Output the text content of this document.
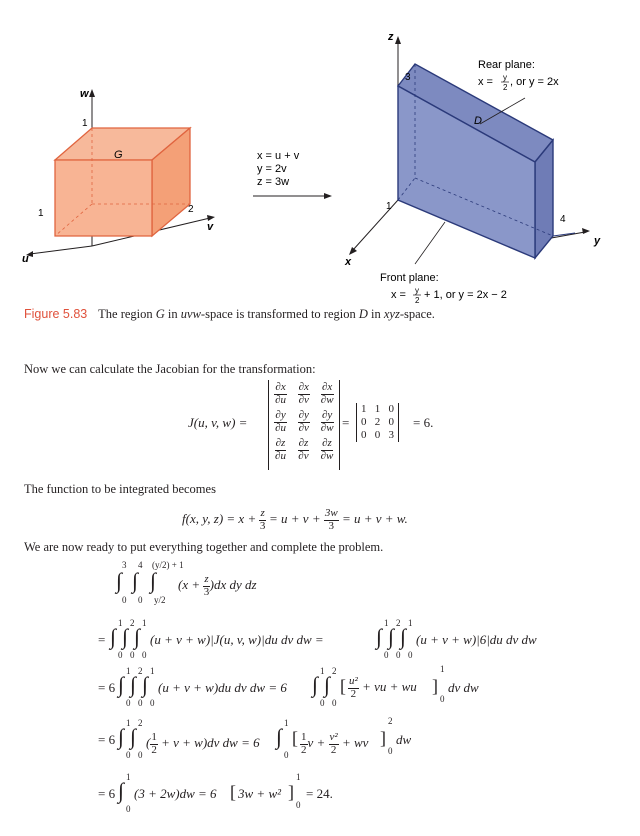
w
u
v
1
1	2
G	x = u + v
y = 2v
z = 3w
z
x
y
3
1
4
D
Rear plane:
x = y
2 , or y = 2x
Front plane:
x = y
2 + 1, or y = 2x − 2
Figure 5.83 The region G in uvw-space is transformed to region D in xyz-space.
Now we can calculate the Jacobian for the transformation:
J(u, v, w) =
$\frac{\partial x}{\partial u} \frac{\partial x}{\partial v} \frac{\partial x}{\partial w}$
$\frac{\partial y}{\partial u} \frac{\partial y}{\partial v} \frac{\partial y}{\partial w}$
$\frac{\partial z}{\partial u} \frac{\partial z}{\partial v} \frac{\partial z}{\partial w}$
=
1 1 0
0 2 0
0 0 3
= 6.
The function to be integrated becomes
f(x, y, $z) = x + \frac{z}{3} = u + v + \frac{3w}{3} = u + v + w$.
We are now ready to put everything together and complete the problem.
3 4 (y/2) + 1
∫ ∫ ∫
0 0 y/2
$(x + \frac{z}{3} )dx$ dy dz
=
1 2 1
∫ ∫ ∫
0 0 0
(u + v + w)|J(u, v, w)|du dv dw =
1 2 1
∫ ∫ ∫
0 0 0
(u + v + w)|6|du dv dw
= 6
1 2 1
∫ ∫ ∫
0 0 0
(u + v + w)du dv dw = 6
1 2
∫ ∫
0 0
[ $\frac{\text{u²}}{2}$ + vu + wu ]
1
0
dv dw
= 6
1 2
∫ ∫
0 0
( $\frac{1}{2} + v + w)dv$ dw = 6
1
∫
0
[ $\frac{1}{2}$ $v + \frac{\text{v²}}{2}$ + wv ]
2
0
dw
= 6
1
∫
0
(3 + 2w)dw = 6 [ 3w + w² ]
1
0
= 24.
